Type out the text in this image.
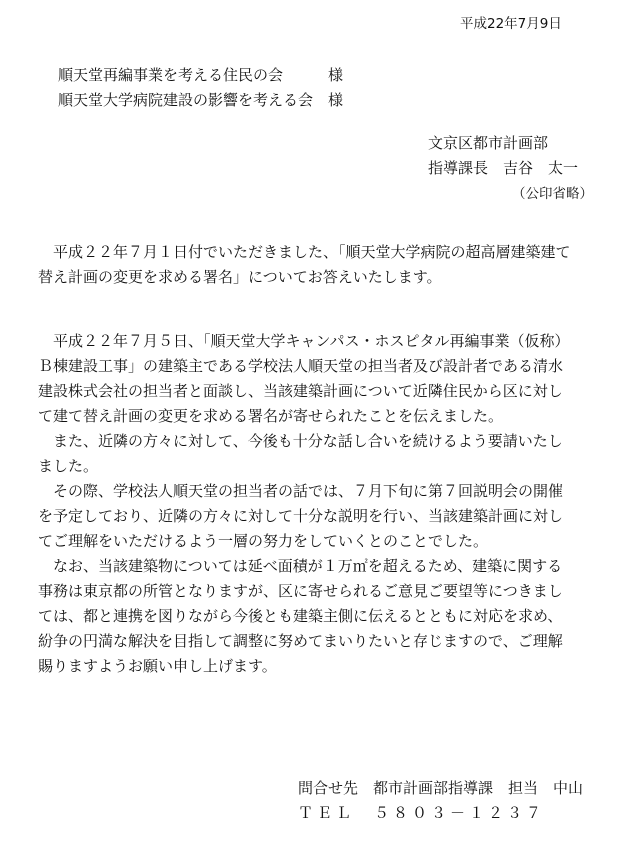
平成22年7月9日
順天堂再編事業を考える住民の会　　　様
順天堂大学病院建設の影響を考える会　様
文京区都市計画部
指導課長　吉谷　太一
（公印省略）
　平成２２年７月１日付でいただきました、「順天堂大学病院の超高層建築建て
替え計画の変更を求める署名」についてお答えいたします。
　平成２２年７月５日、「順天堂大学キャンパス・ホスピタル再編事業（仮称）
Ｂ棟建設工事」の建築主である学校法人順天堂の担当者及び設計者である清水
建設株式会社の担当者と面談し、当該建築計画について近隣住民から区に対し
て建て替え計画の変更を求める署名が寄せられたことを伝えました。
　また、近隣の方々に対して、今後も十分な話し合いを続けるよう要請いたし
ました。
　その際、学校法人順天堂の担当者の話では、７月下旬に第７回説明会の開催
を予定しており、近隣の方々に対して十分な説明を行い、当該建築計画に対し
てご理解をいただけるよう一層の努力をしていくとのことでした。
　なお、当該建築物については延べ面積が１万㎡を超えるため、建築に関する
事務は東京都の所管となりますが、区に寄せられるご意見ご要望等につきまし
ては、都と連携を図りながら今後とも建築主側に伝えるとともに対応を求め、
紛争の円満な解決を目指して調整に努めてまいりたいと存じますので、ご理解
賜りますようお願い申し上げます。
問合せ先　都市計画部指導課　担当　中山
ＴＥＬ　５８０３－１２３７
